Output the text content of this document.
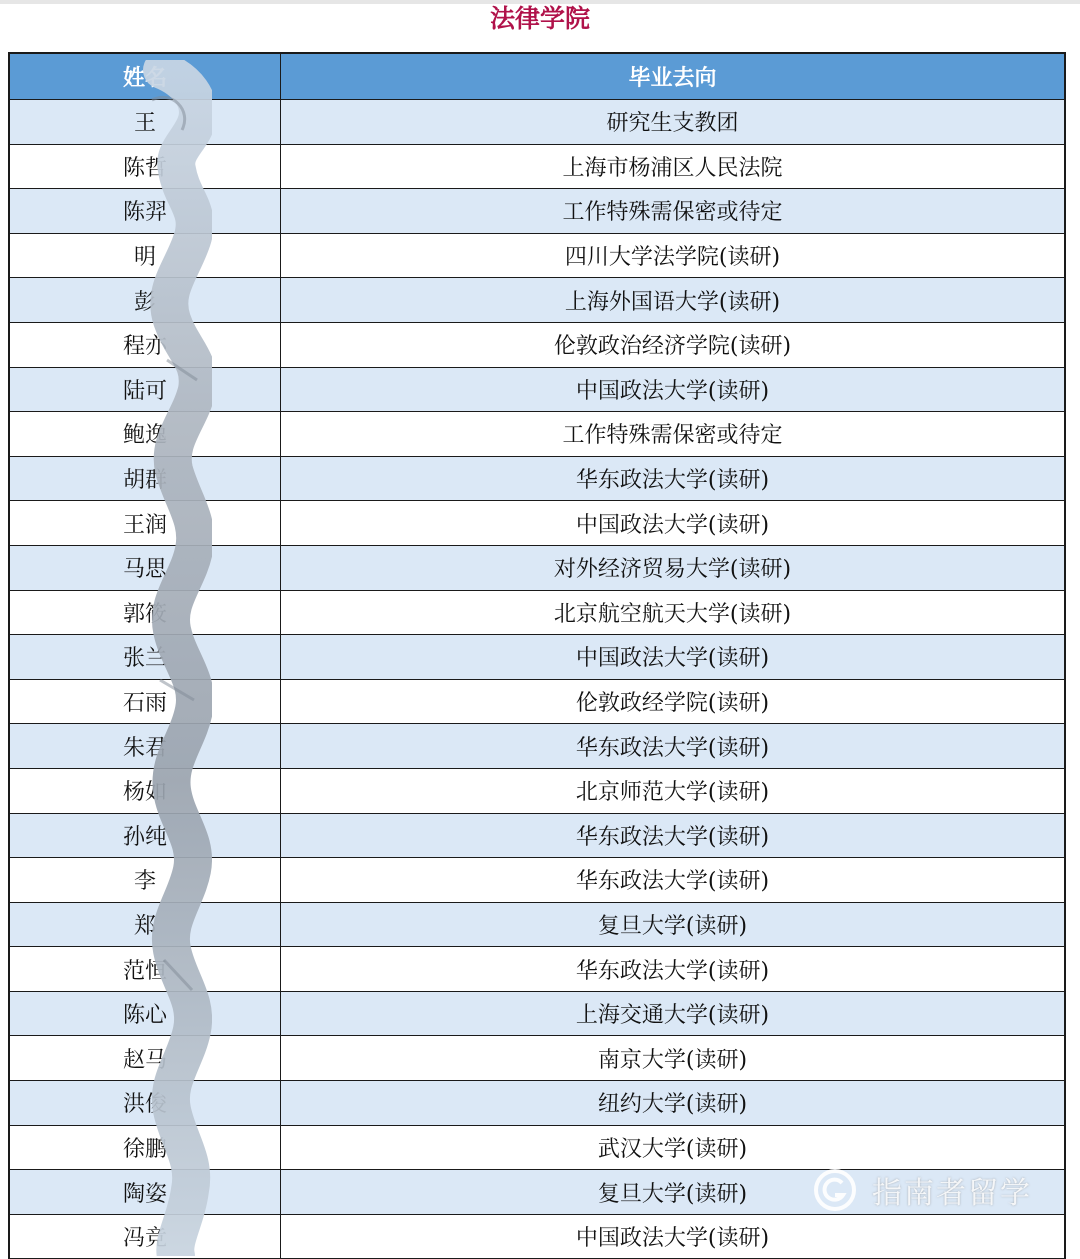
法律学院
姓名	毕业去向
王	研究生支教团
陈哲	上海市杨浦区人民法院
陈羿	工作特殊需保密或待定
明	四川大学法学院(读研)
彭	上海外国语大学(读研)
程亦	伦敦政治经济学院(读研)
陆可	中国政法大学(读研)
鲍逸	工作特殊需保密或待定
胡群	华东政法大学(读研)
王润	中国政法大学(读研)
马思	对外经济贸易大学(读研)
郭筱	北京航空航天大学(读研)
张兰	中国政法大学(读研)
石雨	伦敦政经学院(读研)
朱君	华东政法大学(读研)
杨如	北京师范大学(读研)
孙纯	华东政法大学(读研)
李	华东政法大学(读研)
郑	复旦大学(读研)
范恒	华东政法大学(读研)
陈心	上海交通大学(读研)
赵马	南京大学(读研)
洪俊	纽约大学(读研)
徐鹏	武汉大学(读研)
陶姿	复旦大学(读研)
冯竞	中国政法大学(读研)
指南者留学
